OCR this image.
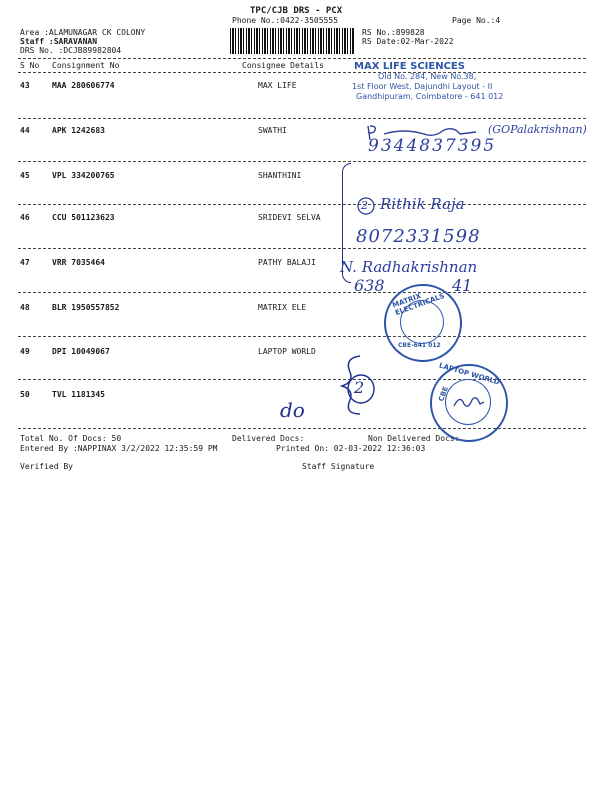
TPC/CJB DRS - PCX
Phone No.:0422-3505555	Page No.:4
Area :ALAMUNAGAR CK COLONY
Staff :SARAVANAN
DRS No. :DCJB89982804
RS No.:899828
RS Date:02-Mar-2022
S No Consignment No	Consignee Details
43	MAA 280606774	MAX LIFE
44	APK 1242683	SWATHI
45	VPL 334200765	SHANTHINI
46	CCU 501123623	SRIDEVI SELVA
47	VRR 7035464	PATHY BALAJI
48	BLR 1950557852	MATRIX ELE
49	DPI 10049067	LAPTOP WORLD
50	TVL 1181345
Total No. Of Docs: 50	Delivered Docs:	Non Delivered Docs:
Entered By :NAPPINAX 3/2/2022 12:35:59 PM	Printed On: 02-03-2022 12:36:03
Verified By	Staff Signature
MAX LIFE SCIENCES
Old No. 284, New No.38,
1st Floor West, Dajundhi Layout - II
Gandhipuram, Coimbatore - 641 012
(GOPalakrishnan)
9344837395
2 Rithik Raja
8072331598
N. Radhakrishnan
638	41
MATRIX ELECTRICALS
CBE-641 012
2
do
LAPTOP WORLD
CBE
